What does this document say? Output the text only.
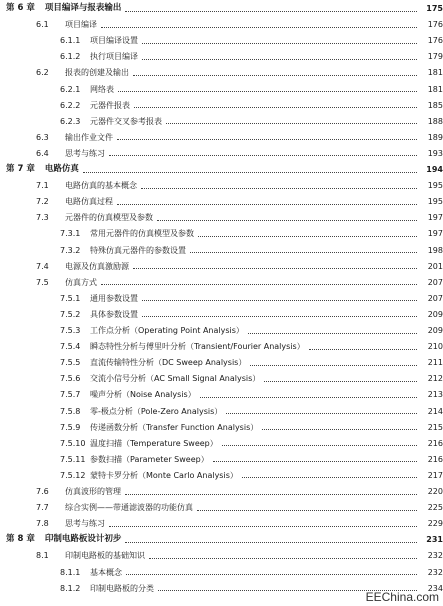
第 6 章	项目编译与报表输出	175
6.1	项目编译	176
6.1.1	项目编译设置	176
6.1.2	执行项目编译	179
6.2	报表的创建及输出	181
6.2.1	网络表	181
6.2.2	元器件报表	185
6.2.3	元器件交叉参考报表	188
6.3	输出作业文件	189
6.4	思考与练习	193
第 7 章	电路仿真	194
7.1	电路仿真的基本概念	195
7.2	电路仿真过程	195
7.3	元器件的仿真模型及参数	197
7.3.1	常用元器件的仿真模型及参数	197
7.3.2	特殊仿真元器件的参数设置	198
7.4	电源及仿真激励源	201
7.5	仿真方式	207
7.5.1	通用参数设置	207
7.5.2	具体参数设置	209
7.5.3	工作点分析（Operating Point Analysis）	209
7.5.4	瞬态特性分析与傅里叶分析（Transient/Fourier Analysis）	210
7.5.5	直流传输特性分析（DC Sweep Analysis）	211
7.5.6	交流小信号分析（AC Small Signal Analysis）	212
7.5.7	噪声分析（Noise Analysis）	213
7.5.8	零-极点分析（Pole-Zero Analysis）	214
7.5.9	传递函数分析（Transfer Function Analysis）	215
7.5.10 温度扫描（Temperature Sweep）	216
7.5.11 参数扫描（Parameter Sweep）	216
7.5.12 蒙特卡罗分析（Monte Carlo Analysis）	217
7.6	仿真波形的管理	220
7.7	综合实例——带通滤波器的功能仿真	225
7.8	思考与练习	229
第 8 章	印制电路板设计初步	231
8.1	印制电路板的基础知识	232
8.1.1	基本概念	232
8.1.2	印制电路板的分类	234
EEChina.com
